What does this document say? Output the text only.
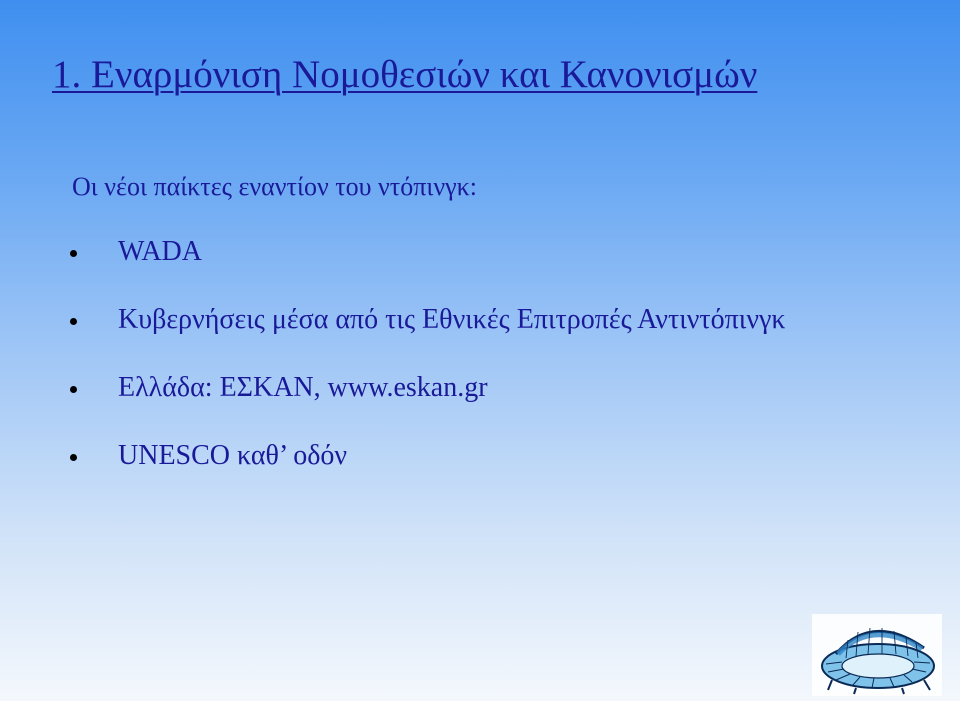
1. Εναρμόνιση Νομοθεσιών και Κανονισμών
Οι νέοι παίκτες εναντίον του ντόπινγκ:
WADA
Κυβερνήσεις μέσα από τις Εθνικές Επιτροπές Αντιντόπινγκ
Ελλάδα: ΕΣΚΑΝ, www.eskan.gr
UNESCO καθ’ οδόν
